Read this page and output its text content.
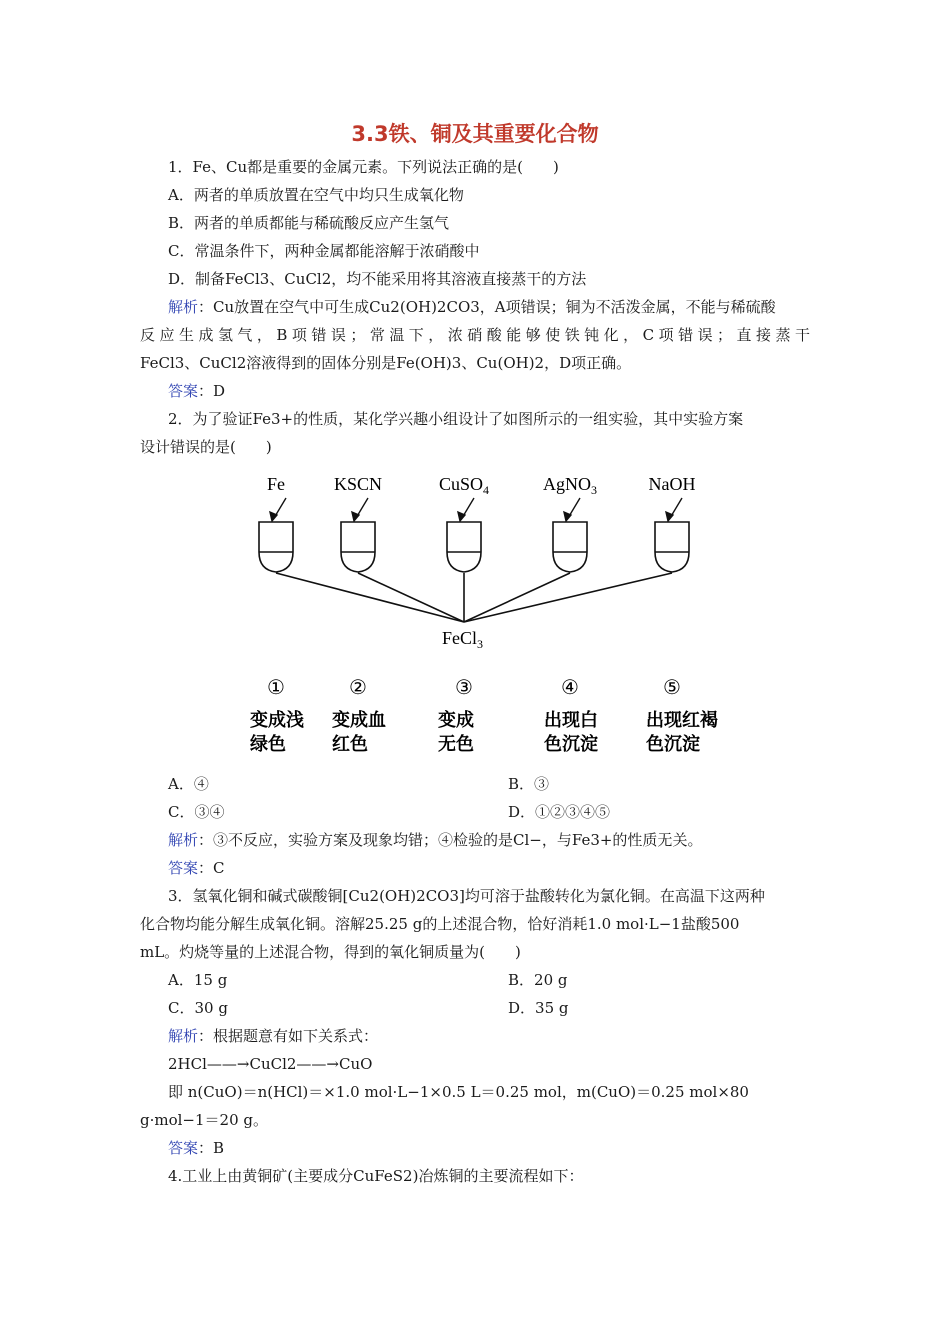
3.3铁、铜及其重要化合物
1．Fe、Cu都是重要的金属元素。下列说法正确的是(　　)
A．两者的单质放置在空气中均只生成氧化物
B．两者的单质都能与稀硫酸反应产生氢气
C．常温条件下，两种金属都能溶解于浓硝酸中
D．制备FeCl3、CuCl2，均不能采用将其溶液直接蒸干的方法
解析：Cu放置在空气中可生成Cu2(OH)2CO3，A项错误；铜为不活泼金属，不能与稀硫酸
反应生成氢气，B项错误；常温下，浓硝酸能够使铁钝化，C项错误；直接蒸干
FeCl3、CuCl2溶液得到的固体分别是Fe(OH)3、Cu(OH)2，D项正确。
答案：D
2．为了验证Fe3+的性质，某化学兴趣小组设计了如图所示的一组实验，其中实验方案
设计错误的是(　　)
Fe	KSCN	CuSO$_4$	AgNO$_3$	NaOH
FeCl$_3$
①	②	③	④	⑤
变成浅
绿色
变成血
红色
变成
无色
出现白
色沉淀
出现红褐
色沉淀
A．④	B．③
C．③④	D．①②③④⑤
解析：③不反应，实验方案及现象均错；④检验的是Cl−，与Fe3+的性质无关。
答案：C
3．氢氧化铜和碱式碳酸铜[Cu2(OH)2CO3]均可溶于盐酸转化为氯化铜。在高温下这两种
化合物均能分解生成氧化铜。溶解25.25 g的上述混合物，恰好消耗1.0 mol·L−1盐酸500
mL。灼烧等量的上述混合物，得到的氧化铜质量为(　　)
A．15 g	B．20 g
C．30 g	D．35 g
解析：根据题意有如下关系式：
2HCl——→CuCl2——→CuO
即 n(CuO)＝n(HCl)＝×1.0 mol·L−1×0.5 L＝0.25 mol，m(CuO)＝0.25 mol×80
g·mol−1＝20 g。
答案：B
4.工业上由黄铜矿(主要成分CuFeS2)冶炼铜的主要流程如下：
